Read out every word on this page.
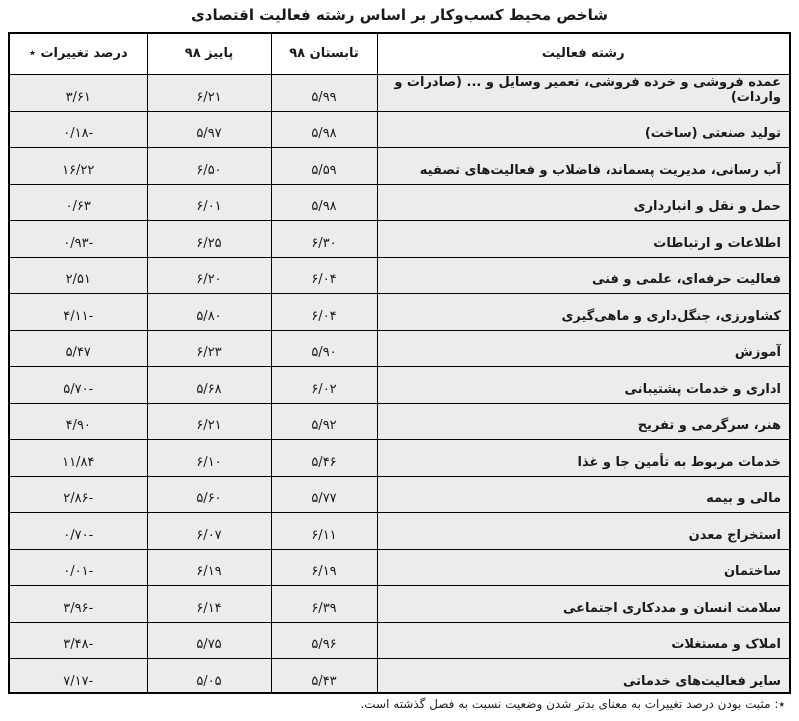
شاخص محیط کسب‌وکار بر اساس رشته فعالیت اقتصادی
درصد تغییرات ٭	پاییز ۹۸	تابستان ۹۸	رشته فعالیت
۳/۶۱	۶/۲۱	۵/۹۹	عمده فروشی و خرده فروشی، تعمیر وسایل و ... (صادرات و واردات)
-۰/۱۸	۵/۹۷	۵/۹۸	تولید صنعتی (ساخت)
۱۶/۲۲	۶/۵۰	۵/۵۹	آب رسانی، مدیریت پسماند، فاضلاب و فعالیت‌های تصفیه
۰/۶۳	۶/۰۱	۵/۹۸	حمل و نقل و انبارداری
-۰/۹۳	۶/۲۵	۶/۳۰	اطلاعات و ارتباطات
۲/۵۱	۶/۲۰	۶/۰۴	فعالیت حرفه‌ای، علمی و فنی
-۴/۱۱	۵/۸۰	۶/۰۴	کشاورزی، جنگل‌داری و ماهی‌گیری
۵/۴۷	۶/۲۳	۵/۹۰	آموزش
-۵/۷۰	۵/۶۸	۶/۰۲	اداری و خدمات پشتیبانی
۴/۹۰	۶/۲۱	۵/۹۲	هنر، سرگرمی و تفریح
۱۱/۸۴	۶/۱۰	۵/۴۶	خدمات مربوط به تأمین جا و غذا
-۲/۸۶	۵/۶۰	۵/۷۷	مالی و بیمه
-۰/۷۰	۶/۰۷	۶/۱۱	استخراج معدن
-۰/۰۱	۶/۱۹	۶/۱۹	ساختمان
-۳/۹۶	۶/۱۴	۶/۳۹	سلامت انسان و مددکاری اجتماعی
-۳/۴۸	۵/۷۵	۵/۹۶	املاک و مستغلات
-۷/۱۷	۵/۰۵	۵/۴۳	سایر فعالیت‌های خدماتی
٭: مثبت بودن درصد تغییرات به معنای بدتر شدن وضعیت نسبت به فصل گذشته است.
